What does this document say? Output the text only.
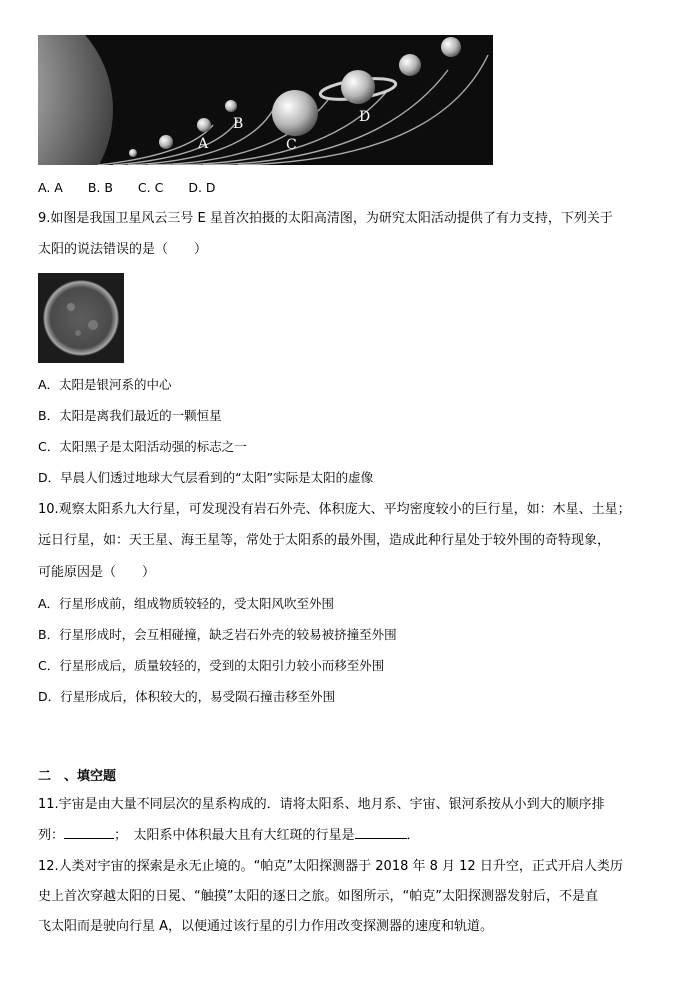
A
B
C
D
A. A　　B. B　　C. C　　D. D
9.如图是我国卫星风云三号 E 星首次拍摄的太阳高清图，为研究太阳活动提供了有力支持，下列关于
太阳的说法错误的是（　　）
A．太阳是银河系的中心
B．太阳是离我们最近的一颗恒星
C．太阳黑子是太阳活动强的标志之一
D．早晨人们透过地球大气层看到的“太阳”实际是太阳的虚像
10.观察太阳系九大行星，可发现没有岩石外壳、体积庞大、平均密度较小的巨行星，如：木星、土星；
远日行星，如：天王星、海王星等，常处于太阳系的最外围，造成此种行星处于较外围的奇特现象，
可能原因是（　　）
A．行星形成前，组成物质较轻的，受太阳风吹至外围
B．行星形成时，会互相碰撞，缺乏岩石外壳的较易被挤撞至外围
C．行星形成后，质量较轻的，受到的太阳引力较小而移至外围
D．行星形成后，体积较大的，易受陨石撞击移至外围
二　、填空题
11.宇宙是由大量不同层次的星系构成的．请将太阳系、地月系、宇宙、银河系按从小到大的顺序排
列：	；　太阳系中体积最大且有大红斑的行星是	．
12.人类对宇宙的探索是永无止境的。“帕克”太阳探测器于 2018 年 8 月 12 日升空，正式开启人类历
史上首次穿越太阳的日冕、“触摸”太阳的逐日之旅。如图所示，“帕克”太阳探测器发射后，不是直
飞太阳而是驶向行星 A，以便通过该行星的引力作用改变探测器的速度和轨道。
